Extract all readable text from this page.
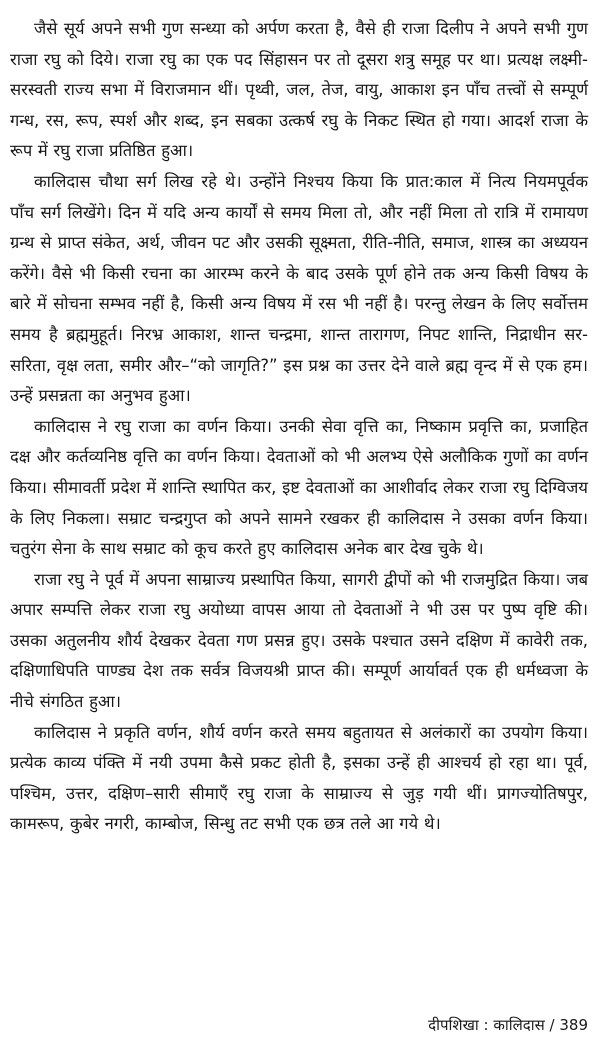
जैसे सूर्य अपने सभी गुण सन्ध्या को अर्पण करता है, वैसे ही राजा दिलीप ने अपने सभी गुण राजा रघु को दिये। राजा रघु का एक पद सिंहासन पर तो दूसरा शत्रु समूह पर था। प्रत्यक्ष लक्ष्मी-सरस्वती राज्य सभा में विराजमान थीं। पृथ्वी, जल, तेज, वायु, आकाश इन पाँच तत्त्वों से सम्पूर्ण गन्ध, रस, रूप, स्पर्श और शब्द, इन सबका उत्कर्ष रघु के निकट स्थित हो गया। आदर्श राजा के रूप में रघु राजा प्रतिष्ठित हुआ।

कालिदास चौथा सर्ग लिख रहे थे। उन्होंने निश्चय किया कि प्रात:काल में नित्य नियमपूर्वक पाँच सर्ग लिखेंगे। दिन में यदि अन्य कार्यों से समय मिला तो, और नहीं मिला तो रात्रि में रामायण ग्रन्थ से प्राप्त संकेत, अर्थ, जीवन पट और उसकी सूक्ष्मता, रीति-नीति, समाज, शास्त्र का अध्ययन करेंगे। वैसे भी किसी रचना का आरम्भ करने के बाद उसके पूर्ण होने तक अन्य किसी विषय के बारे में सोचना सम्भव नहीं है, किसी अन्य विषय में रस भी नहीं है। परन्तु लेखन के लिए सर्वोत्तम समय है ब्रह्ममुहूर्त। निरभ्र आकाश, शान्त चन्द्रमा, शान्त तारागण, निपट शान्ति, निद्राधीन सर-सरिता, वृक्ष लता, समीर और–“को जागृति?” इस प्रश्न का उत्तर देने वाले ब्रह्म वृन्द में से एक हम। उन्हें प्रसन्नता का अनुभव हुआ।

कालिदास ने रघु राजा का वर्णन किया। उनकी सेवा वृत्ति का, निष्काम प्रवृत्ति का, प्रजाहित दक्ष और कर्तव्यनिष्ठ वृत्ति का वर्णन किया। देवताओं को भी अलभ्य ऐसे अलौकिक गुणों का वर्णन किया। सीमावर्ती प्रदेश में शान्ति स्थापित कर, इष्ट देवताओं का आशीर्वाद लेकर राजा रघु दिग्विजय के लिए निकला। सम्राट चन्द्रगुप्त को अपने सामने रखकर ही कालिदास ने उसका वर्णन किया। चतुरंग सेना के साथ सम्राट को कूच करते हुए कालिदास अनेक बार देख चुके थे।

राजा रघु ने पूर्व में अपना साम्राज्य प्रस्थापित किया, सागरी द्वीपों को भी राजमुद्रित किया। जब अपार सम्पत्ति लेकर राजा रघु अयोध्या वापस आया तो देवताओं ने भी उस पर पुष्प वृष्टि की। उसका अतुलनीय शौर्य देखकर देवता गण प्रसन्न हुए। उसके पश्चात उसने दक्षिण में कावेरी तक, दक्षिणाधिपति पाण्ड्य देश तक सर्वत्र विजयश्री प्राप्त की। सम्पूर्ण आर्यावर्त एक ही धर्मध्वजा के नीचे संगठित हुआ।

कालिदास ने प्रकृति वर्णन, शौर्य वर्णन करते समय बहुतायत से अलंकारों का उपयोग किया। प्रत्येक काव्य पंक्ति में नयी उपमा कैसे प्रकट होती है, इसका उन्हें ही आश्चर्य हो रहा था। पूर्व, पश्चिम, उत्तर, दक्षिण–सारी सीमाएँ रघु राजा के साम्राज्य से जुड़ गयी थीं। प्रागज्योतिषपुर, कामरूप, कुबेर नगरी, काम्बोज, सिन्धु तट सभी एक छत्र तले आ गये थे।

दीपशिखा : कालिदास / 389
